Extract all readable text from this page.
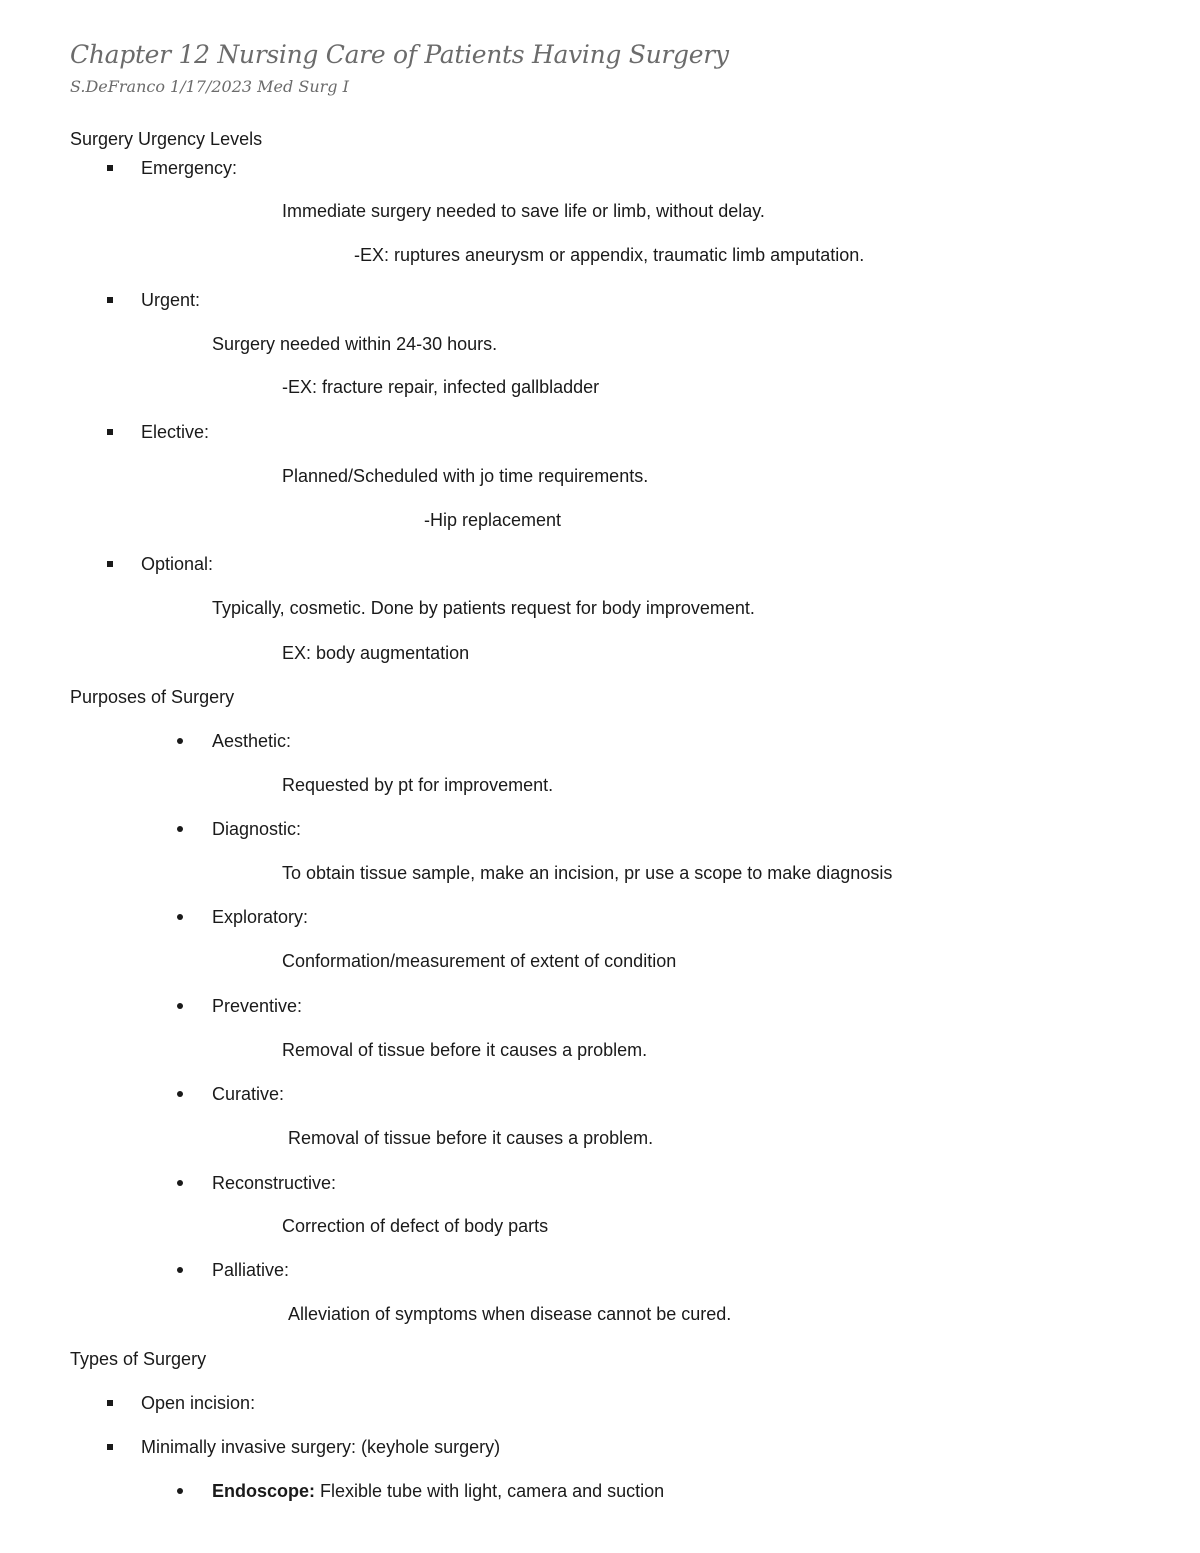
Chapter 12 Nursing Care of Patients Having Surgery
S.DeFranco 1/17/2023 Med Surg I
Surgery Urgency Levels
Emergency:
Immediate surgery needed to save life or limb, without delay.
-EX: ruptures aneurysm or appendix, traumatic limb amputation.
Urgent:
Surgery needed within 24-30 hours.
-EX: fracture repair, infected gallbladder
Elective:
Planned/Scheduled with jo time requirements.
-Hip replacement
Optional:
Typically, cosmetic. Done by patients request for body improvement.
EX: body augmentation
Purposes of Surgery
Aesthetic:
Requested by pt for improvement.
Diagnostic:
To obtain tissue sample, make an incision, pr use a scope to make diagnosis
Exploratory:
Conformation/measurement of extent of condition
Preventive:
Removal of tissue before it causes a problem.
Curative:
Removal of tissue before it causes a problem.
Reconstructive:
Correction of defect of body parts
Palliative:
Alleviation of symptoms when disease cannot be cured.
Types of Surgery
Open incision:
Minimally invasive surgery: (keyhole surgery)
Endoscope: Flexible tube with light, camera and suction
